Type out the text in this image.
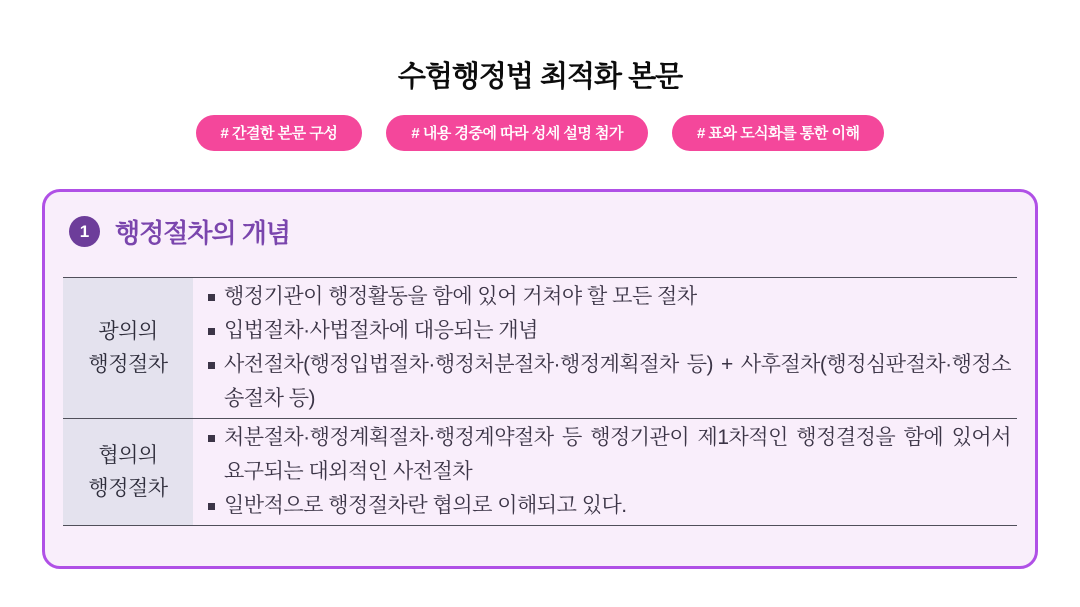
수험행정법 최적화 본문
# 간결한 본문 구성	# 내용 경중에 따라 성세 설명 첨가	# 표와 도식화를 통한 이해
1 행정절차의 개념
광의의
행정절차
행정기관이 행정활동을 함에 있어 거쳐야 할 모든 절차
입법절차·사법절차에 대응되는 개념
사전절차(행정입법절차·행정처분절차·행정계획절차 등) + 사후절차(행정심판절차·행정소송절차 등)
협의의
행정절차
처분절차·행정계획절차·행정계약절차 등 행정기관이 제1차적인 행정결정을 함에 있어서 요구되는 대외적인 사전절차
일반적으로 행정절차란 협의로 이해되고 있다.
